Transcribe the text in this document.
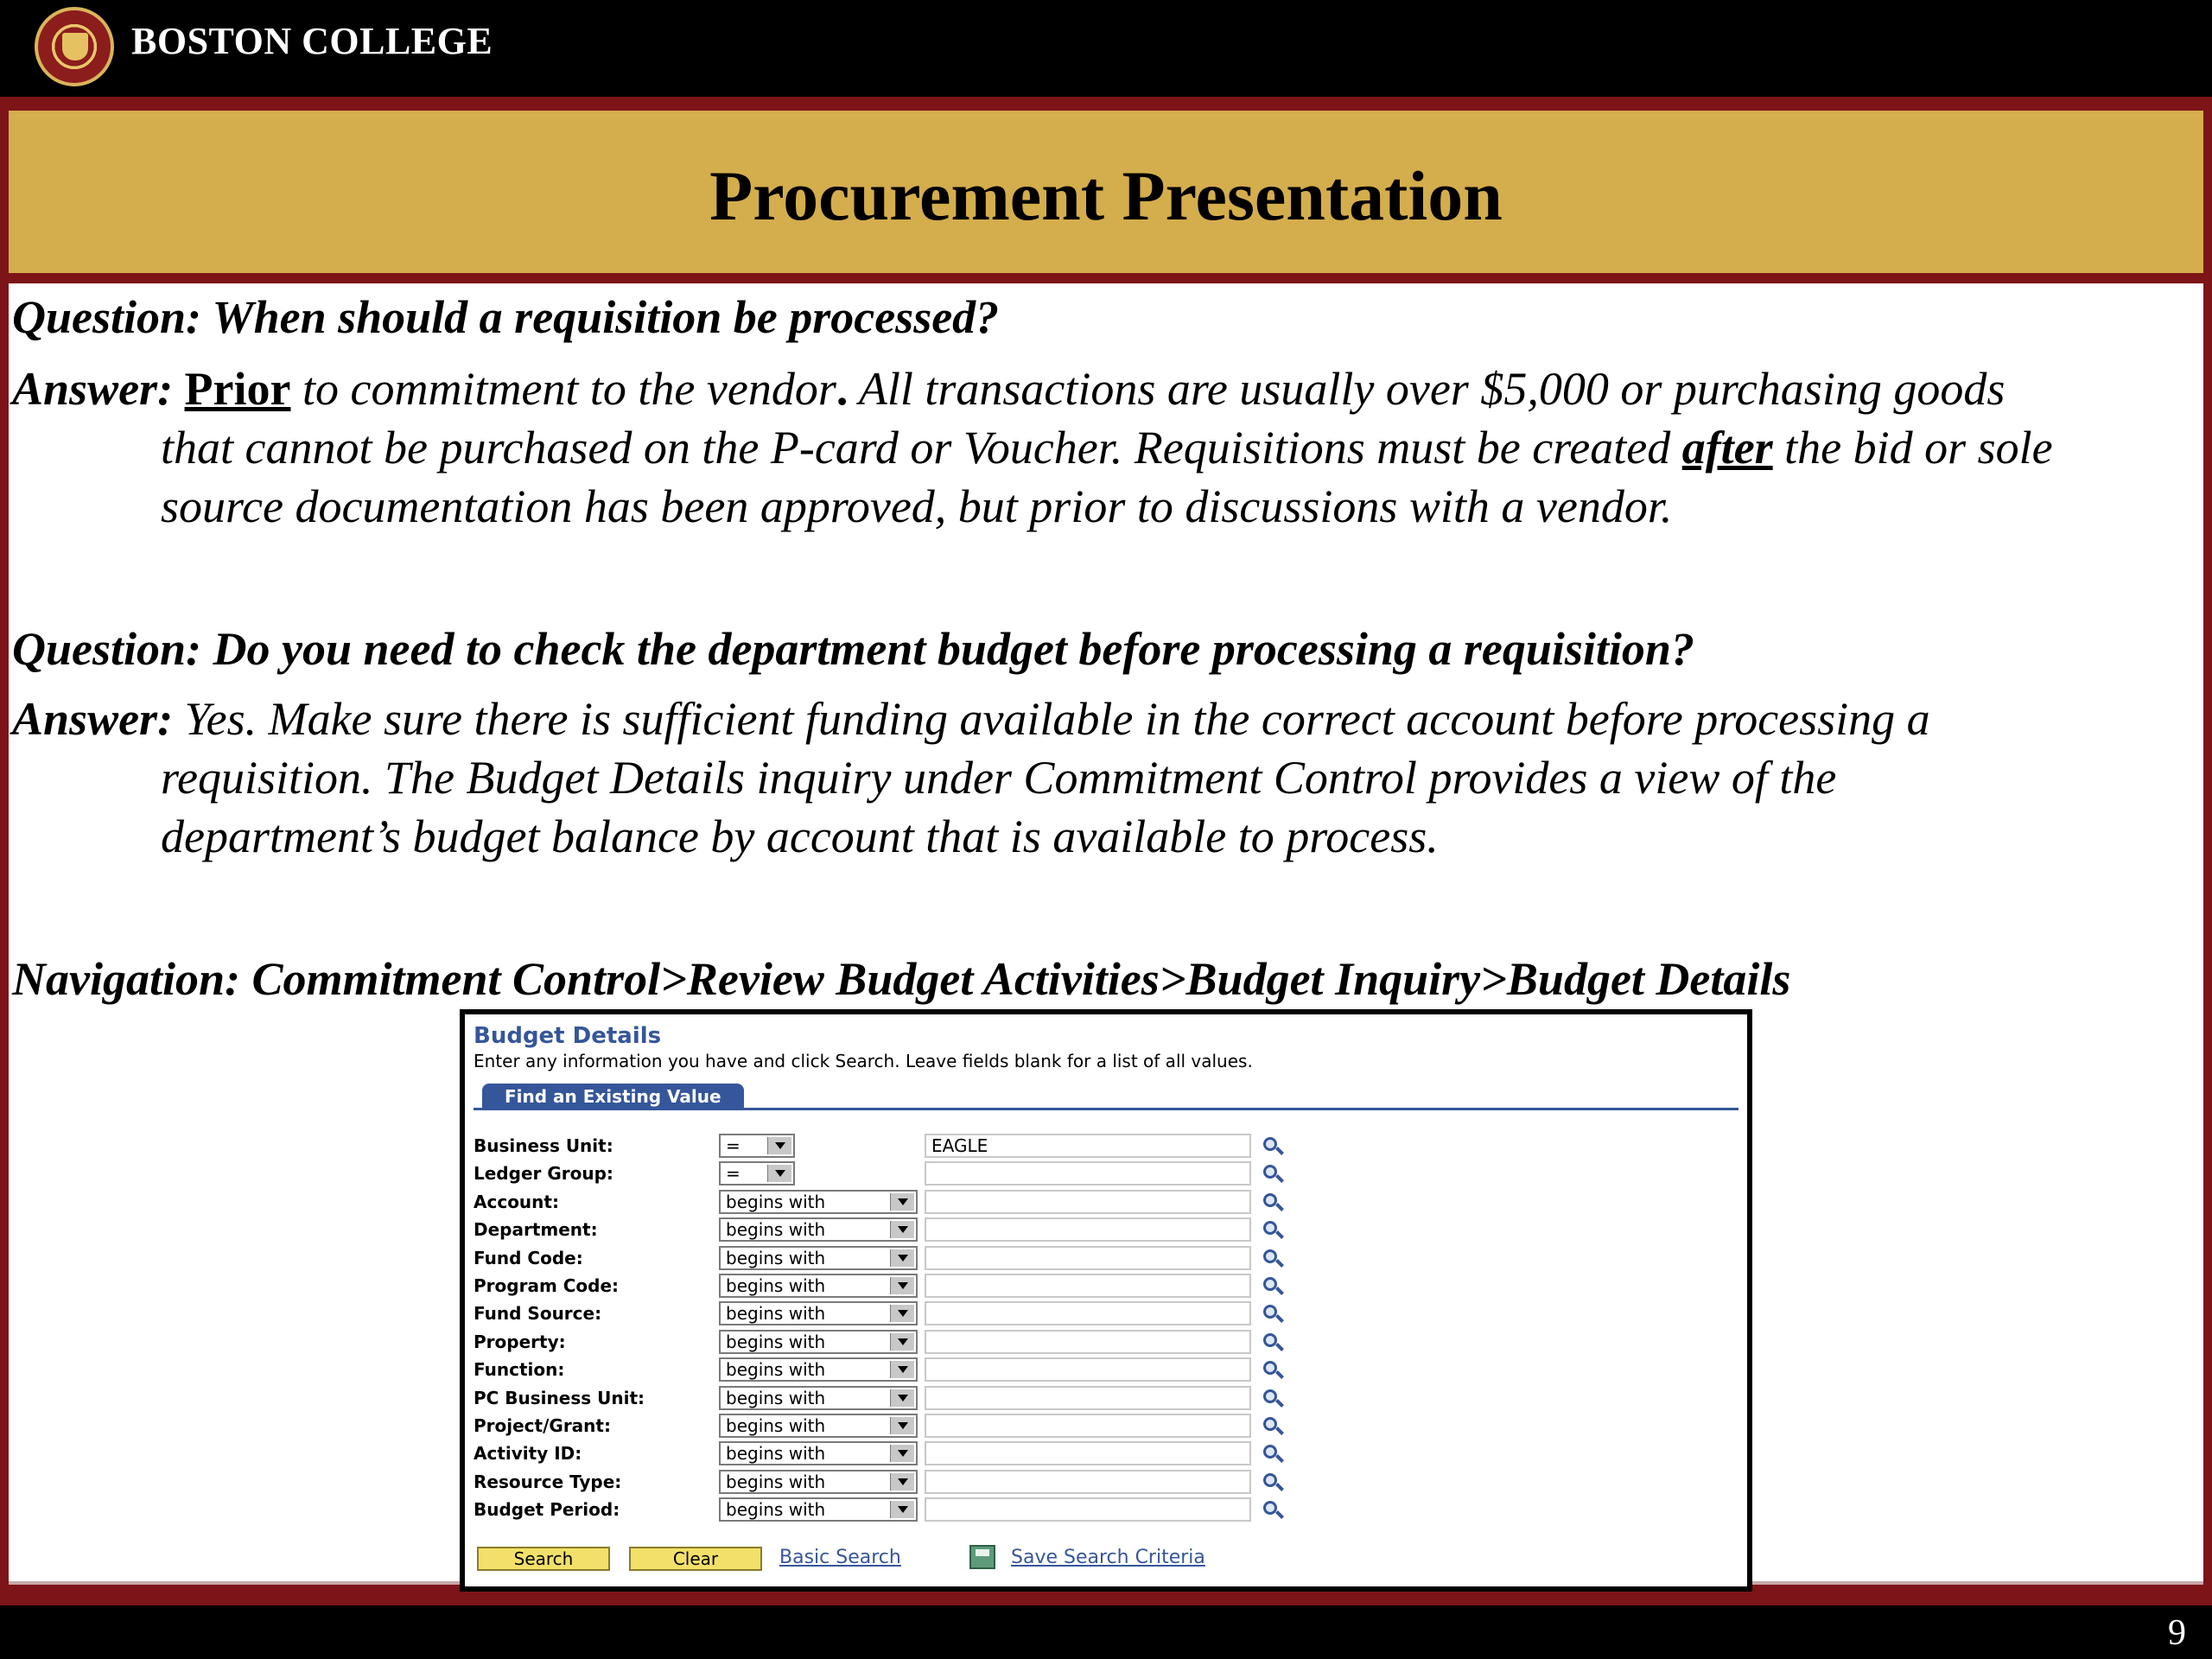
BOSTON COLLEGE
Procurement Presentation
Question: When should a requisition be processed?
Answer: Prior to commitment to the vendor. All transactions are usually over $5,000 or purchasing goods
that cannot be purchased on the P-card or Voucher. Requisitions must be created after the bid or sole
source documentation has been approved, but prior to discussions with a vendor.
Question: Do you need to check the department budget before processing a requisition?
Answer: Yes. Make sure there is sufficient funding available in the correct account before processing a
requisition. The Budget Details inquiry under Commitment Control provides a view of the
department’s budget balance by account that is available to process.
Navigation: Commitment Control>Review Budget Activities>Budget Inquiry>Budget Details
Budget Details
Enter any information you have and click Search. Leave fields blank for a list of all values.
Find an Existing Value
Business Unit:	=	EAGLE
Ledger Group:	=
Account:	begins with
Department:	begins with
Fund Code:	begins with
Program Code:	begins with
Fund Source:	begins with
Property:	begins with
Function:	begins with
PC Business Unit:	begins with
Project/Grant:	begins with
Activity ID:	begins with
Resource Type:	begins with
Budget Period:	begins with
Search	Clear	Basic Search	Save Search Criteria
9
